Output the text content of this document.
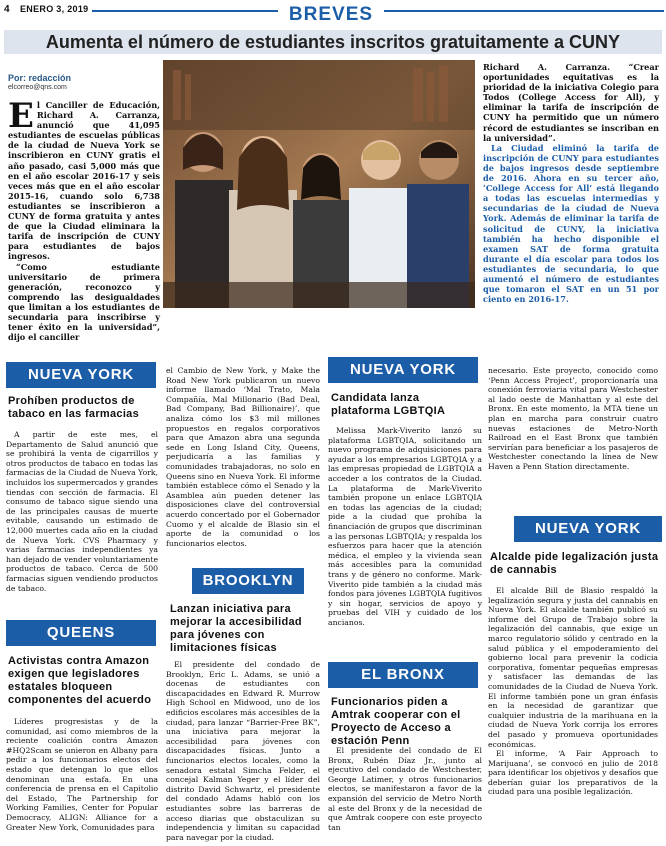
4 ENERO 3, 2019	BREVES
Aumenta el número de estudiantes inscritos gratuitamente a CUNY
Por: redacción
elcorreo@qns.com
El Canciller de Educación, Richard A. Carranza, anunció que 41,095 estudiantes de escuelas públicas de la ciudad de Nueva York se inscribieron en CUNY gratis el año pasado, casi 5,000 más que en el año escolar 2016-17 y seis veces más que en el año escolar 2015-16, cuando solo 6,738 estudiantes se inscribieron a CUNY de forma gratuita y antes de que la Ciudad eliminara la tarifa de inscripción de CUNY para estudiantes de bajos ingresos.
“Como estudiante universitario de primera generación, reconozco y comprendo las desigualdades que limitan a los estudiantes de secundaria para inscribirse y tener éxito en la universidad”, dijo el canciller

Richard A. Carranza. “Crear oportunidades equitativas es la prioridad de la iniciativa Colegio para Todos (College Access for All), y eliminar la tarifa de inscripción de CUNY ha permitido que un número récord de estudiantes se inscriban en la universidad”.

La Ciudad eliminó la tarifa de inscripción de CUNY para estudiantes de bajos ingresos desde septiembre de 2016. Ahora en su tercer año, ‘College Access for All’ está llegando a todas las escuelas intermedias y secundarias de la ciudad de Nueva York. Además de eliminar la tarifa de solicitud de CUNY, la iniciativa también ha hecho disponible el examen SAT de forma gratuita durante el día escolar para todos los estudiantes de secundaria, lo que aumentó el número de estudiantes que tomaron el SAT en un 51 por ciento en 2016-17.

NUEVA YORK
Prohíben productos de tabaco en las farmacias

A partir de este mes, el Departamento de Salud anunció que se prohibirá la venta de cigarrillos y otros productos de tabaco en todas las farmacias de la Ciudad de Nueva York, incluidos los supermercados y grandes tiendas con sección de farmacia. El consumo de tabaco sigue siendo una de las principales causas de muerte evitable, causando un estimado de 12,000 muertes cada año en la ciudad de Nueva York. CVS Pharmacy y varias farmacias independientes ya han dejado de vender voluntariamente productos de tabaco. Cerca de 500 farmacias siguen vendiendo productos de tabaco.

QUEENS
Activistas contra Amazon exigen que legisladores estatales bloqueen componentes del acuerdo

Líderes progresistas y de la comunidad, así como miembros de la reciente coalición contra Amazon #HQ2Scam se unieron en Albany para pedir a los funcionarios electos del estado que detengan lo que ellos denominan una estafa. En una conferencia de prensa en el Capitolio del Estado, The Partnership for Working Families, Center for Popular Democracy, ALIGN: Alliance for a Greater New York, Comunidades para

el Cambio de New York, y Make the Road New York publicaron un nuevo informe llamado ‘Mal Trato, Mala Compañía, Mal Millonario (Bad Deal, Bad Company, Bad Billionaire)’, que analiza cómo los $3 mil millones propuestos en regalos corporativos para que Amazon abra una segunda sede en Long Island City, Queens, perjudicaría a las familias y comunidades trabajadoras, no solo en Queens sino en Nueva York. El informe también establece cómo el Senado y la Asamblea aún pueden detener las disposiciones clave del controversial acuerdo concertado por el Gobernador Cuomo y el alcalde de Blasio sin el aporte de la comunidad o los funcionarios electos.

BROOKLYN
Lanzan iniciativa para mejorar la accesibilidad para jóvenes con limitaciones físicas

El presidente del condado de Brooklyn, Eric L. Adams, se unió a docenas de estudiantes con discapacidades en Edward R. Murrow High School en Midwood, uno de los edificios escolares más accesibles de la ciudad, para lanzar “Barrier-Free BK”, una iniciativa para mejorar la accesibilidad para jóvenes con discapacidades físicas. Junto a funcionarios electos locales, como la senadora estatal Simcha Felder, el concejal Kalman Yeger y el líder del distrito David Schwartz, el presidente del condado Adams habló con los estudiantes sobre las barreras de acceso diarias que obstaculizan su independencia y limitan su capacidad para navegar por la ciudad.

NUEVA YORK
Candidata lanza plataforma LGBTQIA

Melissa Mark-Viverito lanzó su plataforma LGBTQIA, solicitando un nuevo programa de adquisiciones para ayudar a los empresarios LGBTQIA y a las empresas propiedad de LGBTQIA a acceder a los contratos de la Ciudad. La plataforma de Mark-Viverito también propone un enlace LGBTQIA en todas las agencias de la ciudad; pide a la ciudad que prohíba la financiación de grupos que discriminan a las personas LGBTQIA; y respalda los esfuerzos para hacer que la atención médica, el empleo y la vivienda sean más accesibles para la comunidad trans y de género no conforme. Mark-Viverito pide también a la ciudad más fondos para jóvenes LGBTQIA fugitivos y sin hogar, servicios de apoyo y pruebas del VIH y cuidado de los ancianos.

EL BRONX
Funcionarios piden a Amtrak cooperar con el Proyecto de Acceso a estación Penn

El presidente del condado de El Bronx, Rubén Díaz Jr., junto al ejecutivo del condado de Westchester, George Latimer, y otros funcionarios electos, se manifestaron a favor de la expansión del servicio de Metro North al este del Bronx y de la necesidad de que Amtrak coopere con este proyecto tan

necesario. Este proyecto, conocido como ‘Penn Access Project’, proporcionaría una conexión ferroviaria vital para Westchester al lado oeste de Manhattan y al este del Bronx. En este momento, la MTA tiene un plan en marcha para construir cuatro nuevas estaciones de Metro-North Railroad en el East Bronx que también servirían para beneficiar a los pasajeros de Westchester conectando la línea de New Haven a Penn Station directamente.

NUEVA YORK
Alcalde pide legalización justa de cannabis

El alcalde Bill de Blasio respaldó la legalización segura y justa del cannabis en Nueva York. El alcalde también publicó su informe del Grupo de Trabajo sobre la legalización del cannabis, que exige un marco regulatorio sólido y centrado en la salud pública y el empoderamiento del gobierno local para prevenir la codicia corporativa, fomentar pequeñas empresas y satisfacer las demandas de las comunidades de la Ciudad de Nueva York. El informe también pone un gran énfasis en la necesidad de garantizar que cualquier industria de la marihuana en la ciudad de Nueva York corrija los errores del pasado y promueva oportunidades económicas.

El informe, ‘A Fair Approach to Marijuana’, se convocó en julio de 2018 para identificar los objetivos y desafíos que deberían guiar los preparativos de la ciudad para una posible legalización.
